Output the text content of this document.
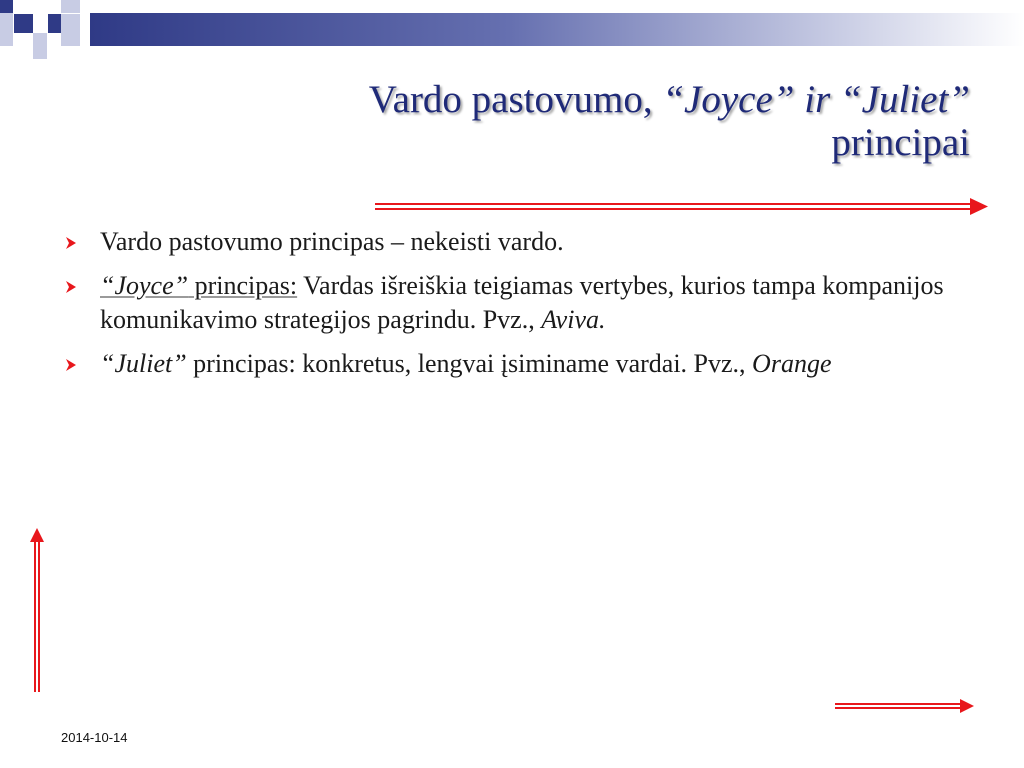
Vardo pastovumo, “Joyce” ir “Juliet”
principai
Vardo pastovumo principas – nekeisti vardo.
“Joyce” principas: Vardas išreiškia teigiamas vertybes, kurios tampa kompanijos komunikavimo strategijos pagrindu. Pvz., Aviva.
“Juliet” principas: konkretus, lengvai įsiminame vardai. Pvz., Orange
2014-10-14
